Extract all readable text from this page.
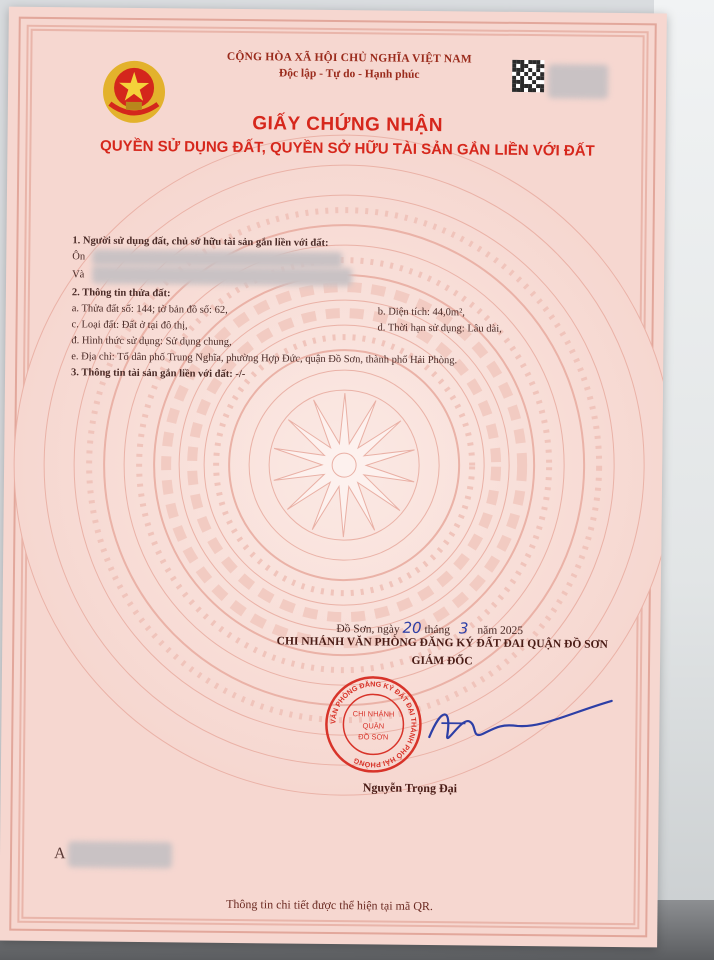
CỘNG HÒA XÃ HỘI CHỦ NGHĨA VIỆT NAM
Độc lập - Tự do - Hạnh phúc
GIẤY CHỨNG NHẬN
QUYỀN SỬ DỤNG ĐẤT, QUYỀN SỞ HỮU TÀI SẢN GẮN LIỀN VỚI ĐẤT
1. Người sử dụng đất, chủ sở hữu tài sản gắn liền với đất:
Ôn
Và
2. Thông tin thửa đất:
a. Thửa đất số: 144; tờ bản đồ số: 62,	b. Diện tích: 44,0m²,
c. Loại đất: Đất ở tại đô thị,	d. Thời hạn sử dụng: Lâu dài,
đ. Hình thức sử dụng: Sử dụng chung,
e. Địa chỉ: Tổ dân phố Trung Nghĩa, phường Hợp Đức, quận Đồ Sơn, thành phố Hải Phòng.
3. Thông tin tài sản gắn liền với đất: -/-
Đồ Sơn, ngày 20 tháng 3 năm 2025
CHI NHÁNH VĂN PHÒNG ĐĂNG KÝ ĐẤT ĐAI QUẬN ĐỒ SƠN
GIÁM ĐỐC
VĂN PHÒNG ĐĂNG KÝ ĐẤT ĐAI THÀNH PHỐ HẢI PHÒNG
CHI NHÁNH
QUẬN
ĐỒ SƠN
Nguyễn Trọng Đại
A
Thông tin chi tiết được thể hiện tại mã QR.
